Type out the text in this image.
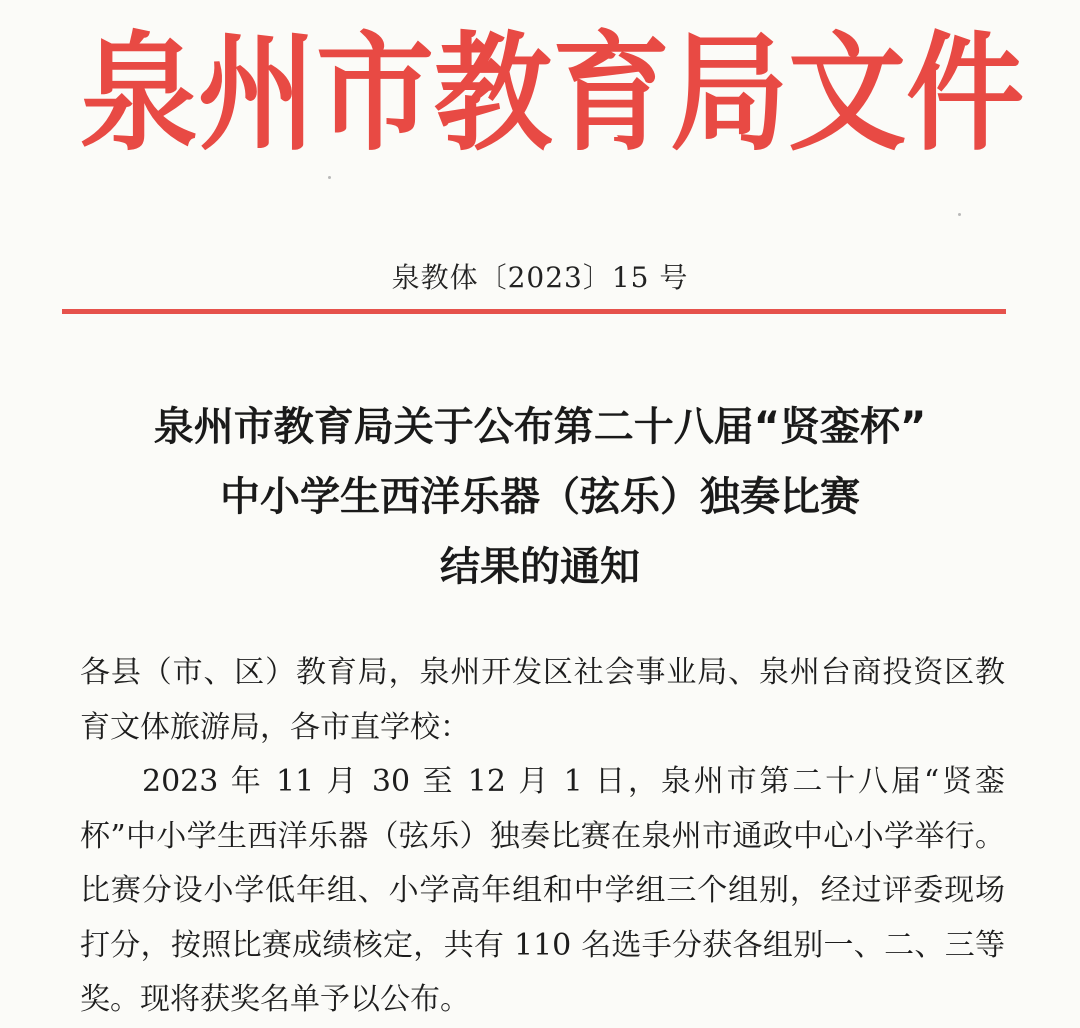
泉 州 市 教 育 局 文 件
泉教体〔2023〕15 号
泉州市教育局关于公布第二十八届“贤銮杯”
中小学生西洋乐器（弦乐）独奏比赛
结果的通知

各县（市、区）教育局，泉州开发区社会事业局、泉州台商投资区教育文体旅游局，各市直学校：

2023 年 11 月 30 至 12 月 1 日，泉州市第二十八届“贤銮杯”中小学生西洋乐器（弦乐）独奏比赛在泉州市通政中心小学举行。比赛分设小学低年组、小学高年组和中学组三个组别，经过评委现场打分，按照比赛成绩核定，共有 110 名选手分获各组别一、二、三等奖。现将获奖名单予以公布。
